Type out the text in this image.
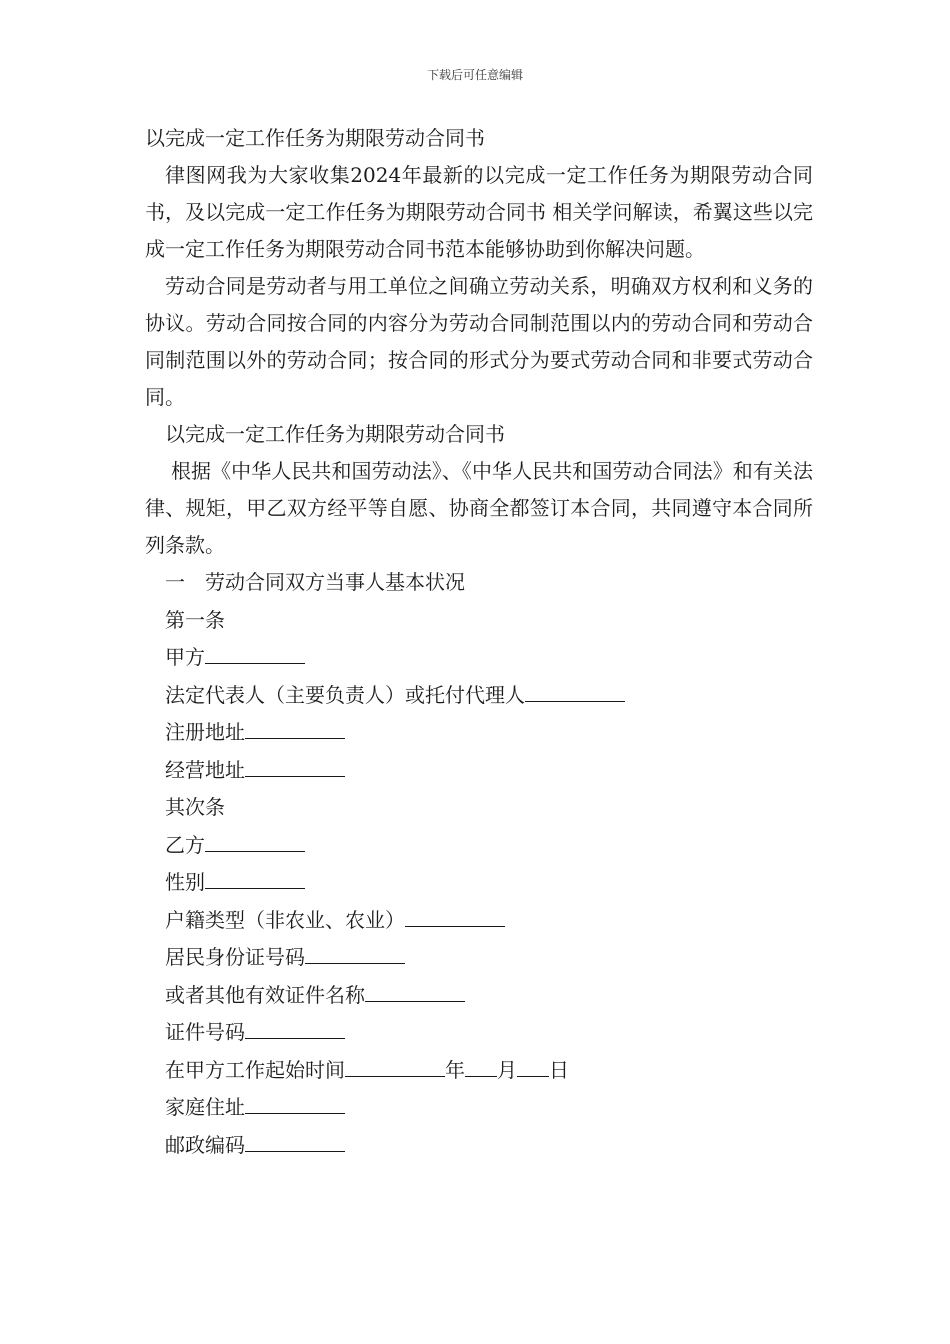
下载后可任意编辑

以完成一定工作任务为期限劳动合同书

律图网我为大家收集2024年最新的以完成一定工作任务为期限劳动合同书，及以完成一定工作任务为期限劳动合同书 相关学问解读，希翼这些以完成一定工作任务为期限劳动合同书范本能够协助到你解决问题。

劳动合同是劳动者与用工单位之间确立劳动关系，明确双方权利和义务的协议。劳动合同按合同的内容分为劳动合同制范围以内的劳动合同和劳动合同制范围以外的劳动合同；按合同的形式分为要式劳动合同和非要式劳动合同。

以完成一定工作任务为期限劳动合同书

根据《中华人民共和国劳动法》、《中华人民共和国劳动合同法》和有关法律、规矩，甲乙双方经平等自愿、协商全都签订本合同，共同遵守本合同所列条款。

一　劳动合同双方当事人基本状况

第一条

甲方

法定代表人（主要负责人）或托付代理人

注册地址

经营地址

其次条

乙方

性别

户籍类型（非农业、农业）

居民身份证号码

或者其他有效证件名称

证件号码

在甲方工作起始时间	年 月 日

家庭住址

邮政编码
